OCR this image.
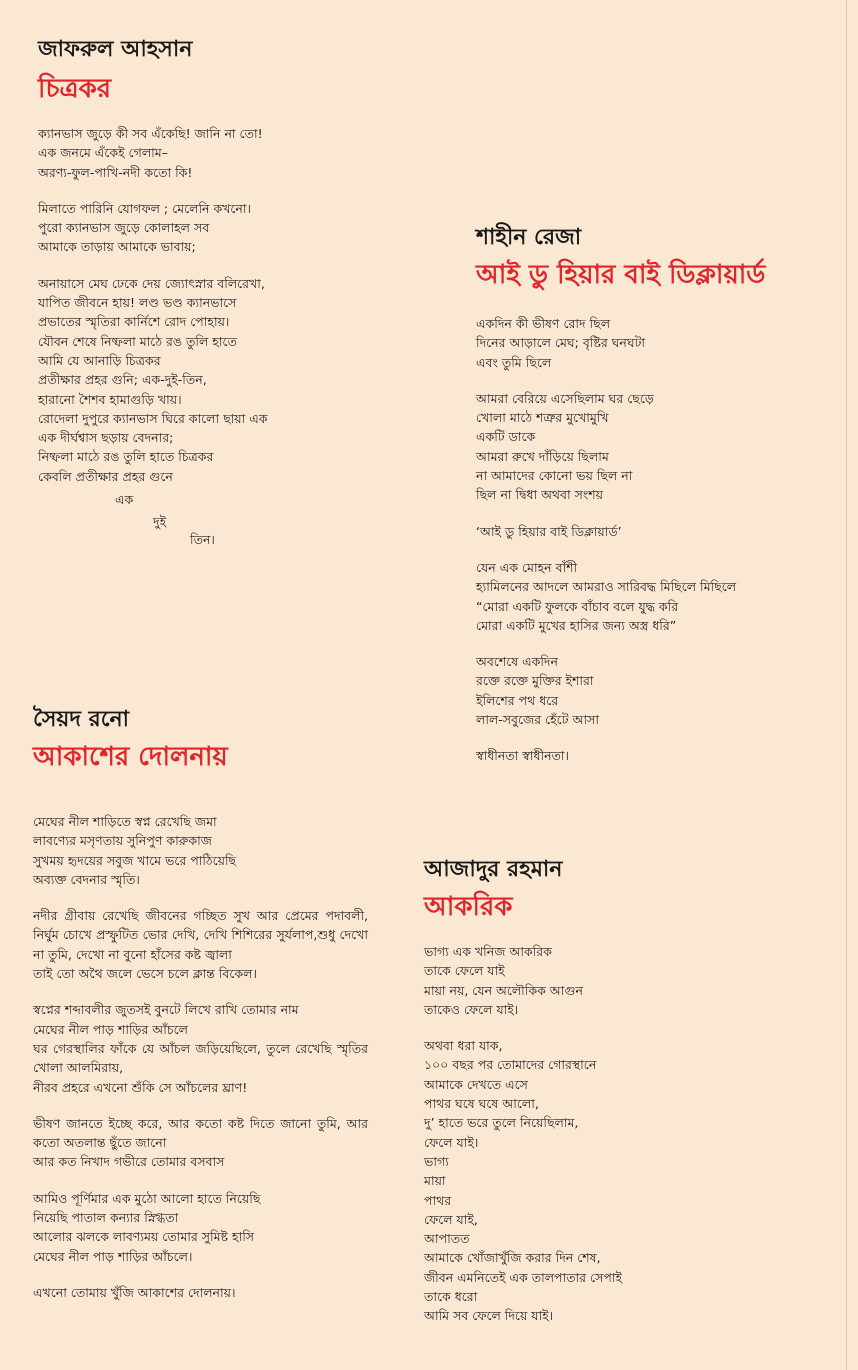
জাফরুল আহসান
চিত্রকর
ক্যানভাস জুড়ে কী সব এঁকেছি! জানি না তো!
এক জনমে এঁকেই গেলাম–
অরণ্য-ফুল-পাখি-নদী কতো কি!
মিলাতে পারিনি যোগফল ; মেলেনি কখনো।
পুরো ক্যানভাস জুড়ে কোলাহল সব
আমাকে তাড়ায় আমাকে ভাবায়;
অনায়াসে মেঘ ঢেকে দেয় জ্যোৎস্নার বলিরেখা,
যাপিত জীবনে হায়! লণ্ড ভণ্ড ক্যানভাসে
প্রভাতের স্মৃতিরা কার্নিশে রোদ পোহায়।
যৌবন শেষে নিষ্ফলা মাঠে রঙ তুলি হাতে
আমি যে আনাড়ি চিত্রকর
প্রতীক্ষার প্রহর গুনি; এক-দুই-তিন,
হারানো শৈশব হামাগুড়ি খায়।
রোদেলা দুপুরে ক্যানভাস ঘিরে কালো ছায়া এক
এক দীর্ঘশ্বাস ছড়ায় বেদনার;
নিষ্ফলা মাঠে রঙ তুলি হাতে চিত্রকর
কেবলি প্রতীক্ষার প্রহর গুনে
এক
দুই
তিন।
শাহীন রেজা
আই ডু হিয়ার বাই ডিক্লায়ার্ড
একদিন কী ভীষণ রোদ ছিল
দিনের আড়ালে মেঘ; বৃষ্টির ঘনঘটা
এবং তুমি ছিলে
আমরা বেরিয়ে এসেছিলাম ঘর ছেড়ে
খোলা মাঠে শত্রুর মুখোমুখি
একটি ডাকে
আমরা রুখে দাঁড়িয়ে ছিলাম
না আমাদের কোনো ভয় ছিল না
ছিল না দ্বিধা অথবা সংশয়
‘আই ডু হিয়ার বাই ডিক্লায়ার্ড’
যেন এক মোহন বাঁশী
হ্যামিলনের আদলে আমরাও সারিবদ্ধ মিছিলে মিছিলে
“মোরা একটি ফুলকে বাঁচাব বলে যুদ্ধ করি
মোরা একটি মুখের হাসির জন্য অস্ত্র ধরি”
অবশেষে একদিন
রক্তে রক্তে মুক্তির ইশারা
ইলিশের পথ ধরে
লাল-সবুজের হেঁটে আসা
স্বাধীনতা স্বাধীনতা।
সৈয়দ রনো
আকাশের দোলনায়
মেঘের নীল শাড়িতে স্বপ্ন রেখেছি জমা
লাবণ্যের মসৃণতায় সুনিপুণ কারুকাজ
সুখময় হৃদয়ের সবুজ খামে ভরে পাঠিয়েছি
অব্যক্ত বেদনার স্মৃতি।
নদীর গ্রীবায় রেখেছি জীবনের গচ্ছিত সুখ আর প্রেমের পদাবলী, নির্ঘুম চোখে প্রস্ফুটিত ভোর দেখি, দেখি শিশিরের সুর্যলাপ,শুধু দেখো না তুমি, দেখো না বুনো হাঁসের কষ্ট জ্বালা
তাই তো অথৈ জলে ভেসে চলে ক্লান্ত বিকেল।
স্বপ্নের শব্দাবলীর জুতসই বুনটে লিখে রাখি তোমার নাম
মেঘের নীল পাড় শাড়ির আঁচলে
ঘর গেরস্থালির ফাঁকে যে আঁচল জড়িয়েছিলে, তুলে রেখেছি স্মৃতির খোলা আলমিরায়,
নীরব প্রহরে এখনো শুঁকি সে আঁচলের ঘ্রাণ!
ভীষণ জানতে ইচ্ছে করে, আর কতো কষ্ট দিতে জানো তুমি, আর কতো অতলান্ত ছুঁতে জানো
আর কত নিখাদ গভীরে তোমার বসবাস
আমিও পূর্ণিমার এক মুঠো আলো হাতে নিয়েছি
নিয়েছি পাতাল কন্যার স্নিগ্ধতা
আলোর ঝলকে লাবণ্যময় তোমার সুমিষ্ট হাসি
মেঘের নীল পাড় শাড়ির আঁচলে।
এখনো তোমায় খুঁজি আকাশের দোলনায়।
আজাদুর রহমান
আকরিক
ভাগ্য এক খনিজ আকরিক
তাকে ফেলে যাই
মায়া নয়, যেন অলৌকিক আগুন
তাকেও ফেলে যাই।
অথবা ধরা যাক,
১০০ বছর পর তোমাদের গোরস্থানে
আমাকে দেখতে এসে
পাথর ঘষে ঘষে আলো,
দু’ হাতে ভরে তুলে নিয়েছিলাম,
ফেলে যাই।
ভাগ্য
মায়া
পাথর
ফেলে যাই,
আপাতত
আমাকে খোঁজাখুঁজি করার দিন শেষ,
জীবন এমনিতেই এক তালপাতার সেপাই
তাকে ধরো
আমি সব ফেলে দিয়ে যাই।
